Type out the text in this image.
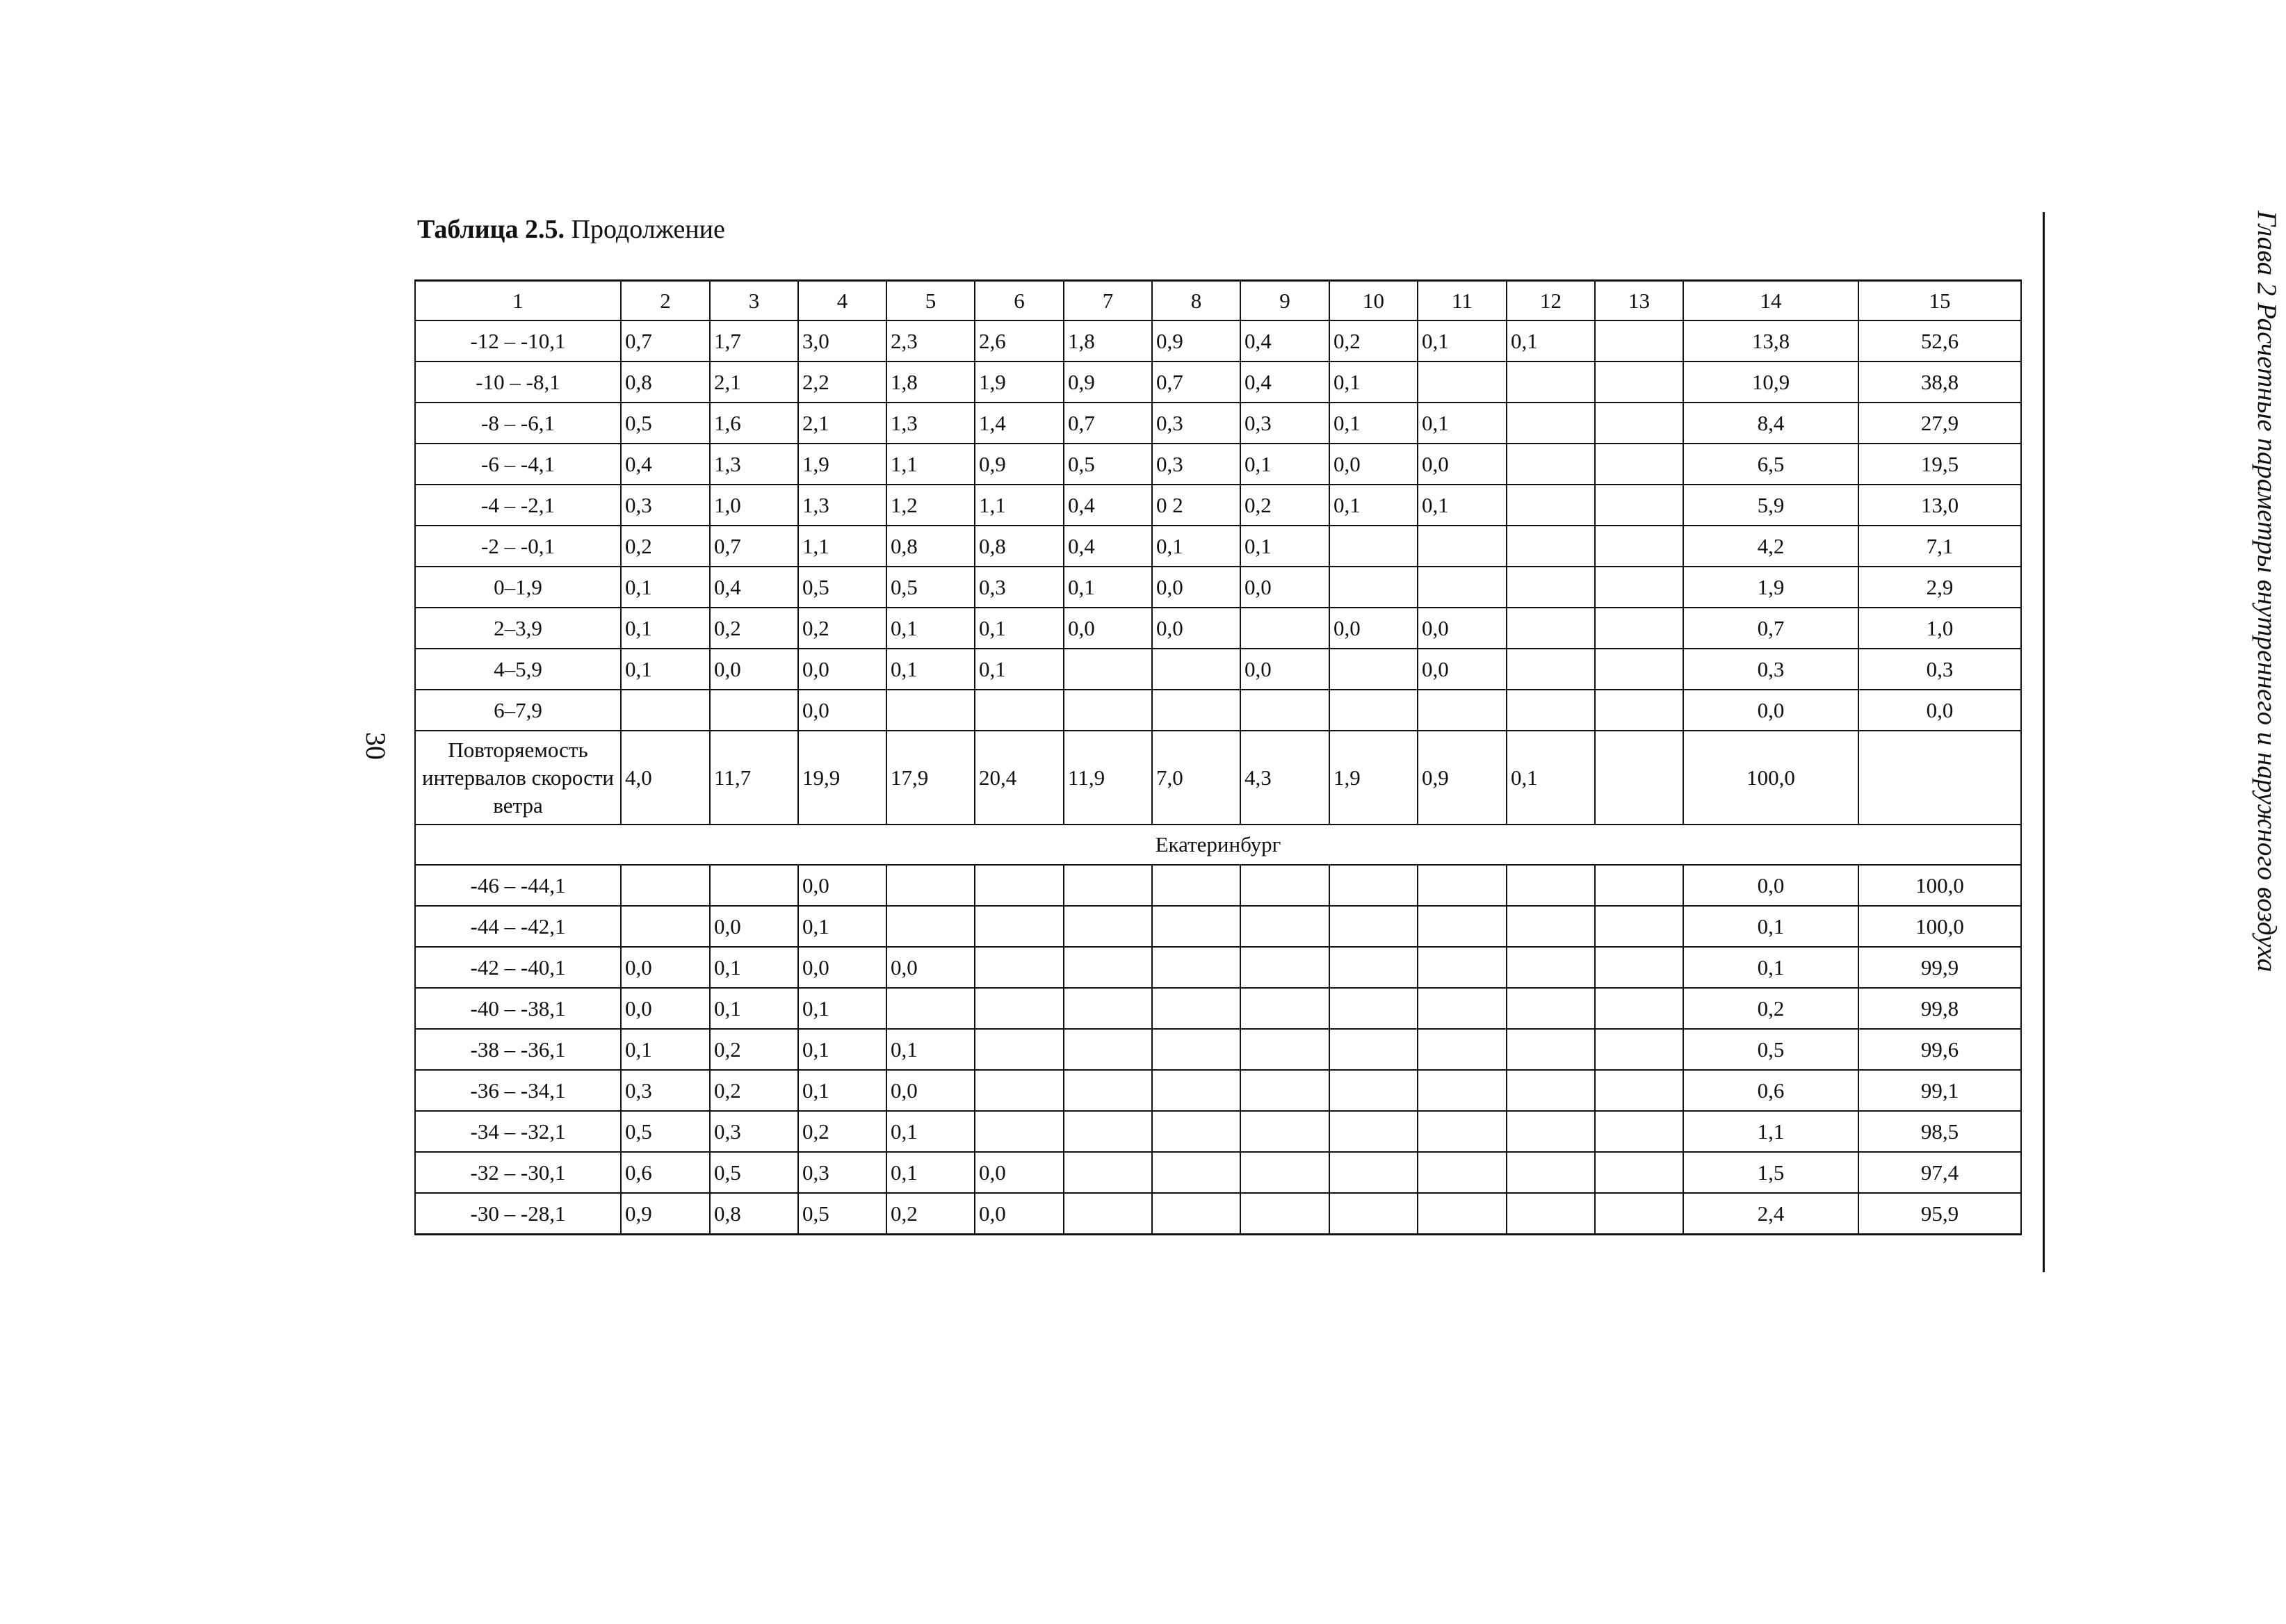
Таблица 2.5. Продолжение
30	Глава 2 Расчетные параметры внутреннего и наружного воздуха
1	2	3	4	5	6	7	8	9	10	11	12	13	14	15
-12 – -10,1	0,7	1,7	3,0	2,3	2,6	1,8	0,9	0,4	0,2	0,1	0,1		13,8	52,6
-10 – -8,1	0,8	2,1	2,2	1,8	1,9	0,9	0,7	0,4	0,1				10,9	38,8
-8 – -6,1	0,5	1,6	2,1	1,3	1,4	0,7	0,3	0,3	0,1	0,1			8,4	27,9
-6 – -4,1	0,4	1,3	1,9	1,1	0,9	0,5	0,3	0,1	0,0	0,0			6,5	19,5
-4 – -2,1	0,3	1,0	1,3	1,2	1,1	0,4	0 2	0,2	0,1	0,1			5,9	13,0
-2 – -0,1	0,2	0,7	1,1	0,8	0,8	0,4	0,1	0,1					4,2	7,1
0–1,9	0,1	0,4	0,5	0,5	0,3	0,1	0,0	0,0					1,9	2,9
2–3,9	0,1	0,2	0,2	0,1	0,1	0,0	0,0		0,0	0,0			0,7	1,0
4–5,9	0,1	0,0	0,0	0,1	0,1			0,0		0,0			0,3	0,3
6–7,9			0,0										0,0	0,0
Повторяемость интервалов скорости ветра	4,0	11,7	19,9	17,9	20,4	11,9	7,0	4,3	1,9	0,9	0,1		100,0	
Екатеринбург														
-46 – -44,1			0,0										0,0	100,0
-44 – -42,1		0,0	0,1										0,1	100,0
-42 – -40,1	0,0	0,1	0,0	0,0									0,1	99,9
-40 – -38,1	0,0	0,1	0,1										0,2	99,8
-38 – -36,1	0,1	0,2	0,1	0,1									0,5	99,6
-36 – -34,1	0,3	0,2	0,1	0,0									0,6	99,1
-34 – -32,1	0,5	0,3	0,2	0,1									1,1	98,5
-32 – -30,1	0,6	0,5	0,3	0,1	0,0								1,5	97,4
-30 – -28,1	0,9	0,8	0,5	0,2	0,0								2,4	95,9
